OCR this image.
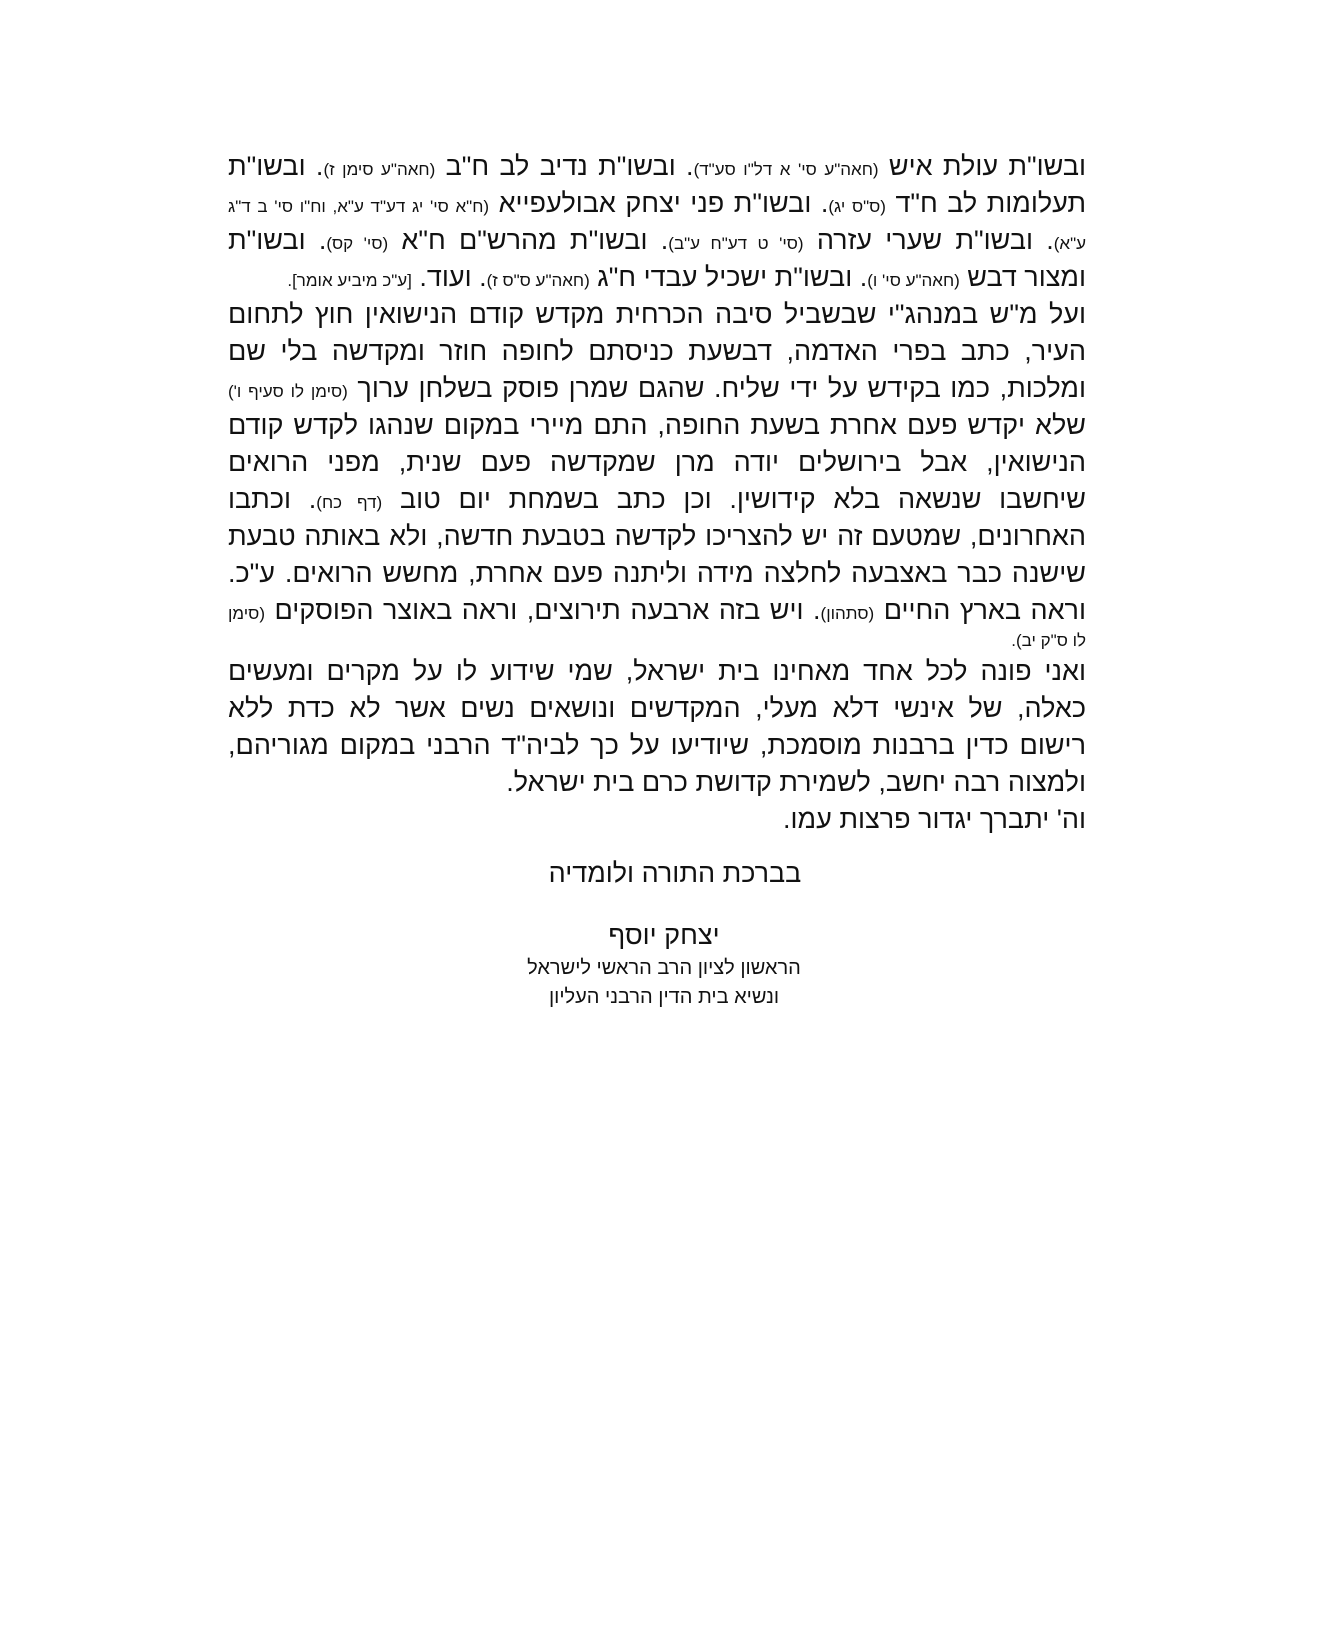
ובשו"ת עולת איש (חאה"ע סי' א דל"ו סע"ד). ובשו"ת נדיב לב ח"ב (חאה"ע סימן ז). ובשו"ת
תעלומות לב ח"ד (ס"ס יג). ובשו"ת פני יצחק אבולעפייא (ח"א סי' יג דע"ד ע"א, וח"ו סי' ב ד"ג
ע"א). ובשו"ת שערי עזרה (סי' ט דע"ח ע"ב). ובשו"ת מהרש"ם ח"א (סי' קס). ובשו"ת
ומצור דבש (חאה"ע סי' ו). ובשו"ת ישכיל עבדי ח"ג (חאה"ע ס"ס ז). ועוד. [ע"כ מיביע אומר].
ועל מ"ש במנהג"י שבשביל סיבה הכרחית מקדש קודם הנישואין חוץ לתחום
העיר, כתב בפרי האדמה, דבשעת כניסתם לחופה חוזר ומקדשה בלי שם
ומלכות, כמו בקידש על ידי שליח. שהגם שמרן פוסק בשלחן ערוך (סימן לו סעיף ו')
שלא יקדש פעם אחרת בשעת החופה, התם מיירי במקום שנהגו לקדש קודם
הנישואין, אבל בירושלים יודה מרן שמקדשה פעם שנית, מפני הרואים
שיחשבו שנשאה בלא קידושין. וכן כתב בשמחת יום טוב (דף כח). וכתבו
האחרונים, שמטעם זה יש להצריכו לקדשה בטבעת חדשה, ולא באותה טבעת
שישנה כבר באצבעה לחלצה מידה וליתנה פעם אחרת, מחשש הרואים. ע"כ.
וראה בארץ החיים (סתהון). ויש בזה ארבעה תירוצים, וראה באוצר הפוסקים (סימן
לו ס"ק יב).
ואני פונה לכל אחד מאחינו בית ישראל, שמי שידוע לו על מקרים ומעשים
כאלה, של אינשי דלא מעלי, המקדשים ונושאים נשים אשר לא כדת ללא
רישום כדין ברבנות מוסמכת, שיודיעו על כך לביה"ד הרבני במקום מגוריהם,
ולמצוה רבה יחשב, לשמירת קדושת כרם בית ישראל.
וה' יתברך יגדור פרצות עמו.
בברכת התורה ולומדיה
יצחק יוסף
הראשון לציון הרב הראשי לישראל
ונשיא בית הדין הרבני העליון
